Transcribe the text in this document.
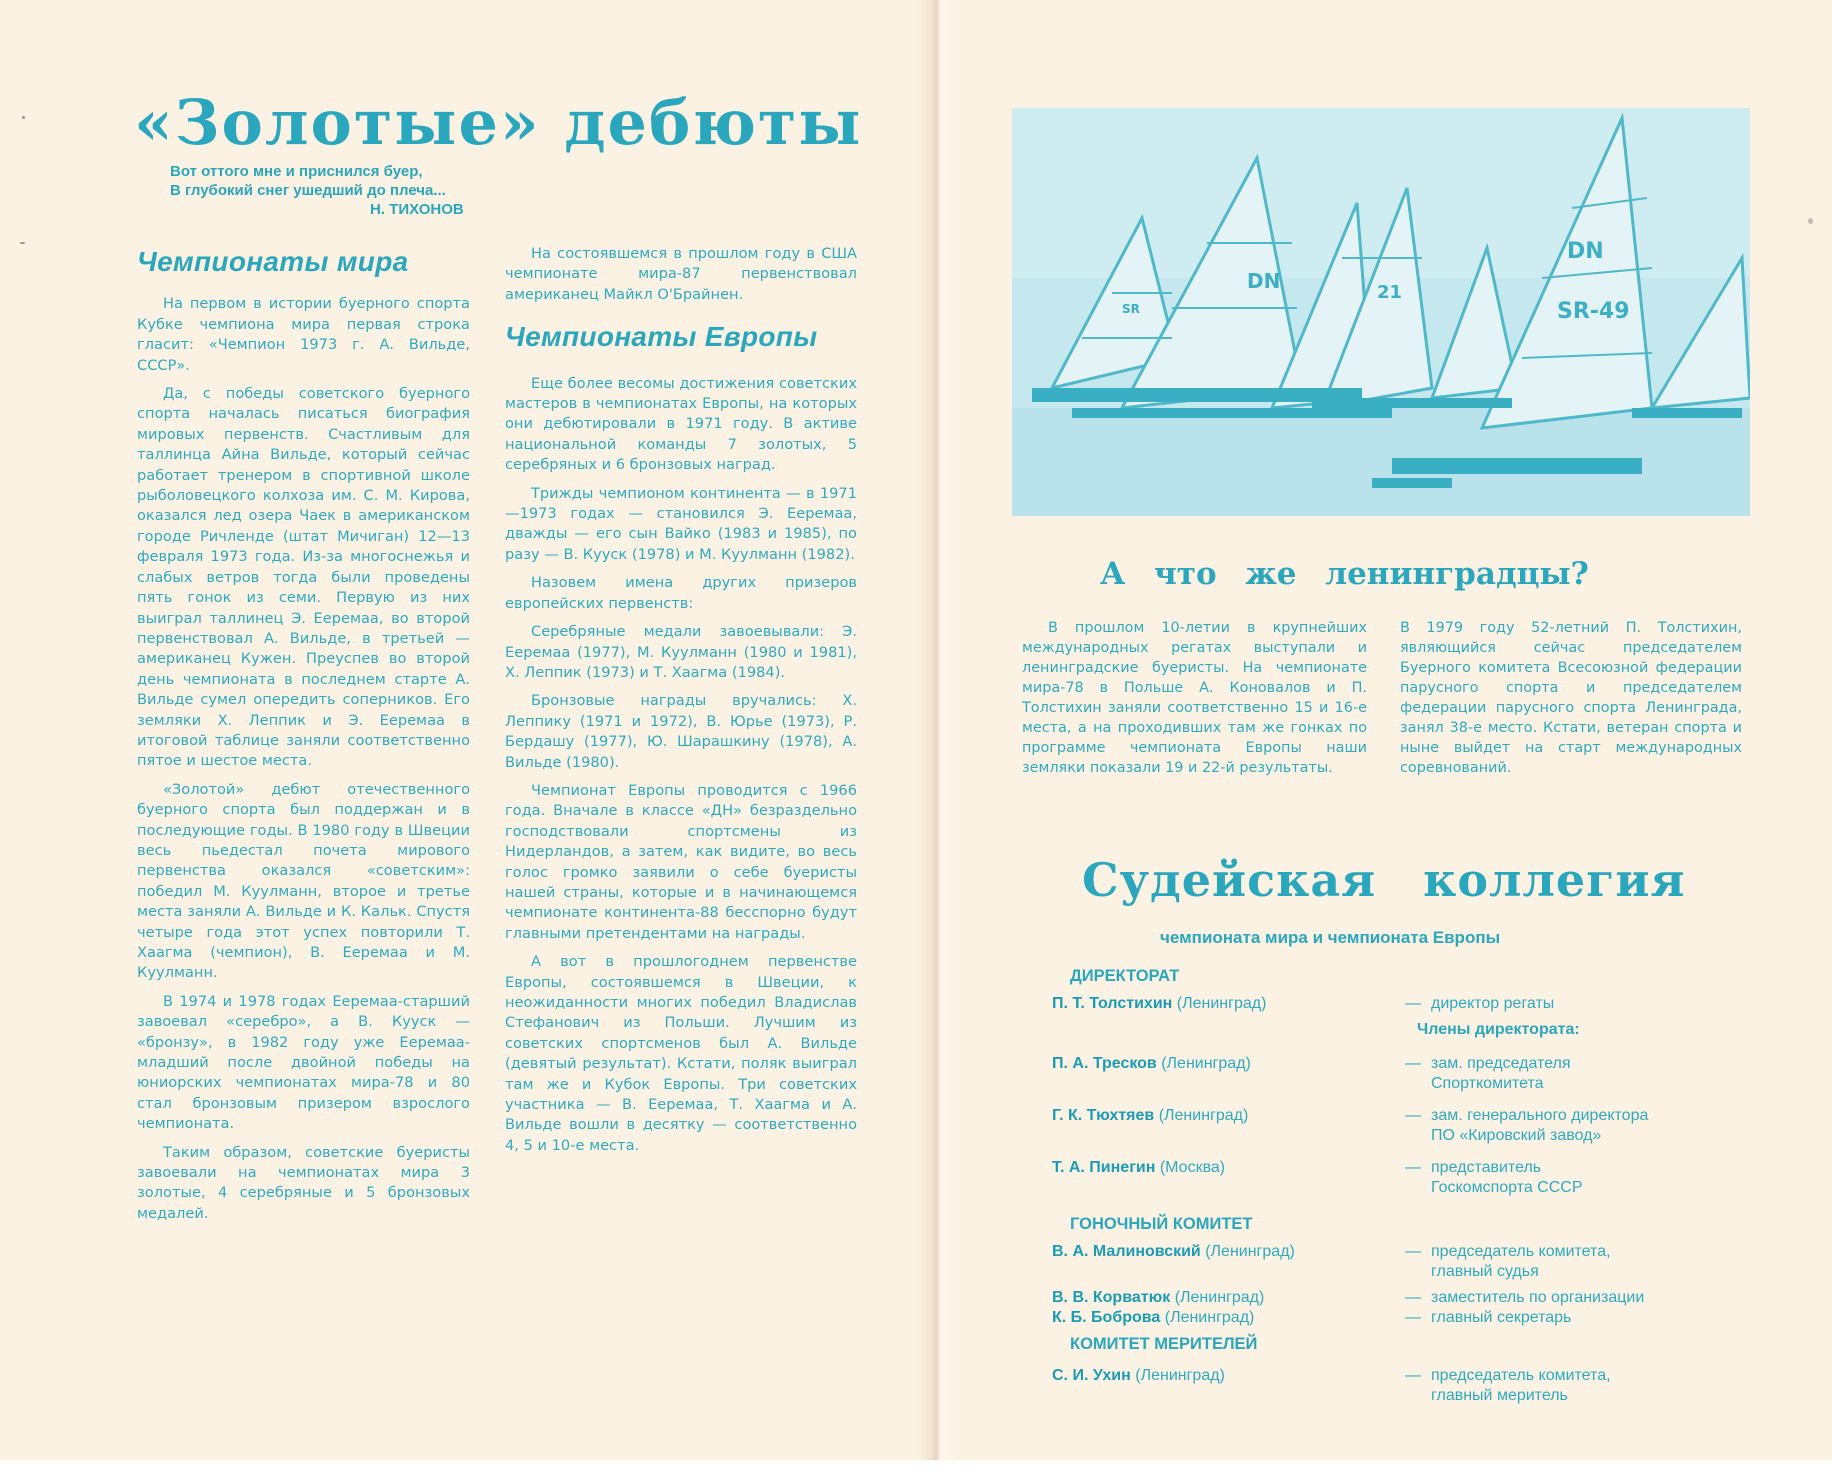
«Золотые» дебюты
Вот оттого мне и приснился буер,
В глубокий снег ушедший до плеча...
Н. ТИХОНОВ
Чемпионаты мира

На первом в истории буерного спорта Кубке чемпиона мира первая строка гласит: «Чемпион 1973 г. А. Вильде, СССР».

Да, с победы советского буерного спорта началась писаться биография мировых первенств. Счастливым для таллинца Айна Вильде, который сейчас работает тренером в спортивной школе рыболовецкого колхоза им. С. М. Кирова, оказался лед озера Чаек в американском городе Ричленде (штат Мичиган) 12—13 февраля 1973 года. Из-за многоснежья и слабых ветров тогда были проведены пять гонок из семи. Первую из них выиграл таллинец Э. Ееремаа, во второй первенствовал А. Вильде, в третьей — американец Кужен. Преуспев во второй день чемпионата в последнем старте А. Вильде сумел опередить соперников. Его земляки Х. Леппик и Э. Ееремаа в итоговой таблице заняли соответственно пятое и шестое места.

«Золотой» дебют отечественного буерного спорта был поддержан и в последующие годы. В 1980 году в Швеции весь пьедестал почета мирового первенства оказался «советским»: победил М. Куулманн, второе и третье места заняли А. Вильде и К. Кальк. Спустя четыре года этот успех повторили Т. Хаагма (чемпион), В. Ееремаа и М. Куулманн.

В 1974 и 1978 годах Ееремаа-старший завоевал «серебро», а В. Кууск — «бронзу», в 1982 году уже Ееремаа-младший после двойной победы на юниорских чемпионатах мира-78 и 80 стал бронзовым призером взрослого чемпионата.

Таким образом, советские буеристы завоевали на чемпионатах мира 3 золотые, 4 серебряные и 5 бронзовых медалей.

На состоявшемся в прошлом году в США чемпионате мира-87 первенствовал американец Майкл О'Брайнен.

Чемпионаты Европы

Еще более весомы достижения советских мастеров в чемпионатах Европы, на которых они дебютировали в 1971 году. В активе национальной команды 7 золотых, 5 серебряных и 6 бронзовых наград.

Трижды чемпионом континента — в 1971—1973 годах — становился Э. Ееремаа, дважды — его сын Вайко (1983 и 1985), по разу — В. Кууск (1978) и М. Куулманн (1982).

Назовем имена других призеров европейских первенств:

Серебряные медали завоевывали: Э. Ееремаа (1977), М. Куулманн (1980 и 1981), Х. Леппик (1973) и Т. Хаагма (1984).

Бронзовые награды вручались: Х. Леппику (1971 и 1972), В. Юрье (1973), Р. Бердашу (1977), Ю. Шарашкину (1978), А. Вильде (1980).

Чемпионат Европы проводится с 1966 года. Вначале в классе «ДН» безраздельно господствовали спортсмены из Нидерландов, а затем, как видите, во весь голос громко заявили о себе буеристы нашей страны, которые и в начинающемся чемпионате континента-88 бесспорно будут главными претендентами на награды.

А вот в прошлогоднем первенстве Европы, состоявшемся в Швеции, к неожиданности многих победил Владислав Стефанович из Польши. Лучшим из советских спортсменов был А. Вильде (девятый результат). Кстати, поляк выиграл там же и Кубок Европы. Три советских участника — В. Ееремаа, Т. Хаагма и А. Вильде вошли в десятку — соответственно 4, 5 и 10-е места.

DN
DN
SR-49
21
SR
А что же ленинградцы?

В прошлом 10-летии в крупнейших международных регатах выступали и ленинградские буеристы. На чемпионате мира-78 в Польше А. Коновалов и П. Толстихин заняли соответственно 15 и 16-е места, а на проходивших там же гонках по программе чемпионата Европы наши земляки показали 19 и 22-й результаты.

В 1979 году 52-летний П. Толстихин, являющийся сейчас председателем Буерного комитета Всесоюзной федерации парусного спорта и председателем федерации парусного спорта Ленинграда, занял 38-е место. Кстати, ветеран спорта и ныне выйдет на старт международных соревнований.

Судейская коллегия
чемпионата мира и чемпионата Европы
ДИРЕКТОРАТ
П. Т. Толстихин (Ленинград)	— директор регаты
Члены директората:
П. А. Тресков (Ленинград)	— зам. председателя
Спорткомитета
Г. К. Тюхтяев (Ленинград)	— зам. генерального директора
ПО «Кировский завод»
Т. А. Пинегин (Москва)	— представитель
Госкомспорта СССР
ГОНОЧНЫЙ КОМИТЕТ
В. А. Малиновский (Ленинград)	— председатель комитета,
главный судья
В. В. Корватюк (Ленинград)	— заместитель по организации
К. Б. Боброва (Ленинград)	— главный секретарь
КОМИТЕТ МЕРИТЕЛЕЙ
С. И. Ухин (Ленинград)	— председатель комитета,
главный меритель
